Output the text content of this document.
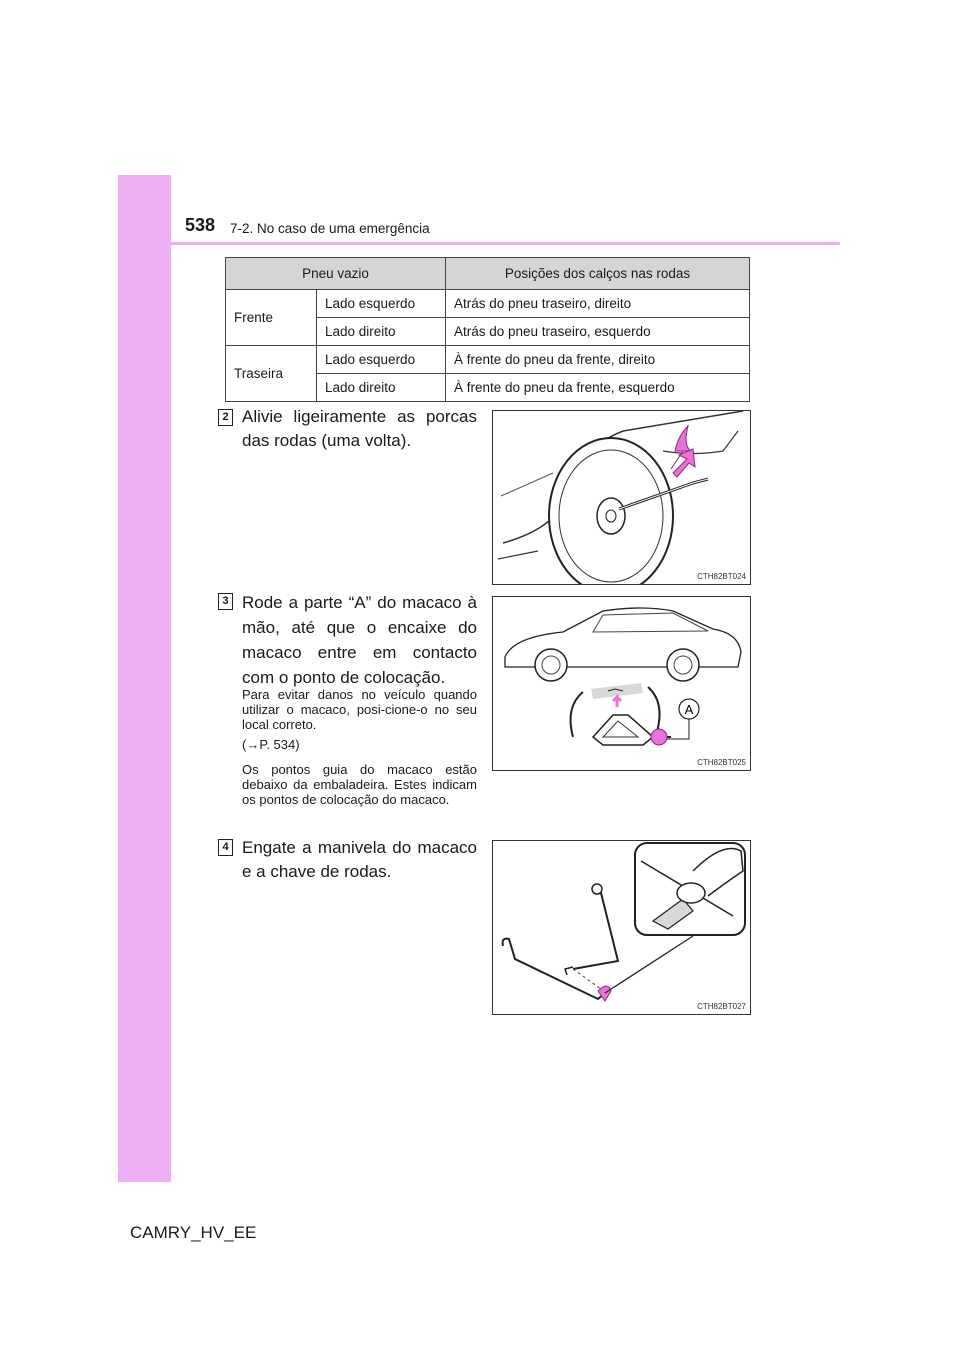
538 7-2. No caso de uma emergência
Pneu vazio		Posições dos calços nas rodas
Frente	Lado esquerdo	Atrás do pneu traseiro, direito
	Lado direito	Atrás do pneu traseiro, esquerdo
Traseira	Lado esquerdo	À frente do pneu da frente, direito
	Lado direito	À frente do pneu da frente, esquerdo
2 Alivie ligeiramente as porcas das rodas (uma volta).
CTH82BT024
3 Rode a parte “A” do macaco à mão, até que o encaixe do macaco entre em contacto com o ponto de colocação.
Para evitar danos no veículo quando utilizar o macaco, posi-cione-o no seu local correto.
(→P. 534)
Os pontos guia do macaco estão debaixo da embaladeira. Estes indicam os pontos de colocação do macaco.
A
CTH82BT025
4 Engate a manivela do macaco e a chave de rodas.
CTH82BT027
CAMRY_HV_EE
